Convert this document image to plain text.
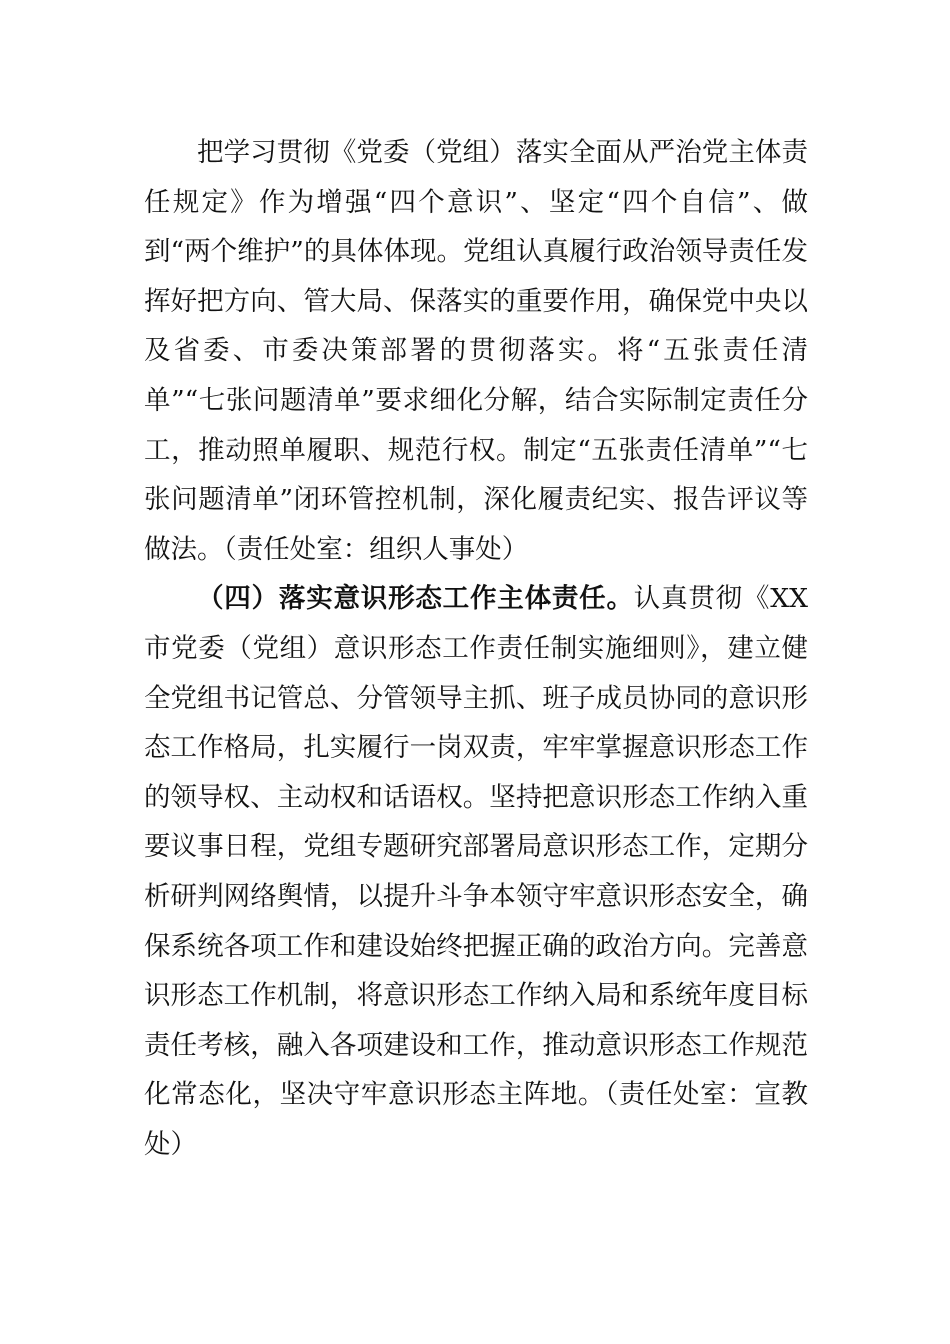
把学习贯彻《党委（党组）落实全面从严治党主体责任规定》作为增强“四个意识”、坚定“四个自信”、做到“两个维护”的具体体现。党组认真履行政治领导责任发挥好把方向、管大局、保落实的重要作用，确保党中央以及省委、市委决策部署的贯彻落实。将“五张责任清单”“七张问题清单”要求细化分解，结合实际制定责任分工，推动照单履职、规范行权。制定“五张责任清单”“七张问题清单”闭环管控机制，深化履责纪实、报告评议等做法。（责任处室：组织人事处）

（四）落实意识形态工作主体责任。认真贯彻《XX市党委（党组）意识形态工作责任制实施细则》，建立健全党组书记管总、分管领导主抓、班子成员协同的意识形态工作格局，扎实履行一岗双责，牢牢掌握意识形态工作的领导权、主动权和话语权。坚持把意识形态工作纳入重要议事日程，党组专题研究部署局意识形态工作，定期分析研判网络舆情，以提升斗争本领守牢意识形态安全，确保系统各项工作和建设始终把握正确的政治方向。完善意识形态工作机制，将意识形态工作纳入局和系统年度目标责任考核，融入各项建设和工作，推动意识形态工作规范化常态化，坚决守牢意识形态主阵地。（责任处室：宣教处）
